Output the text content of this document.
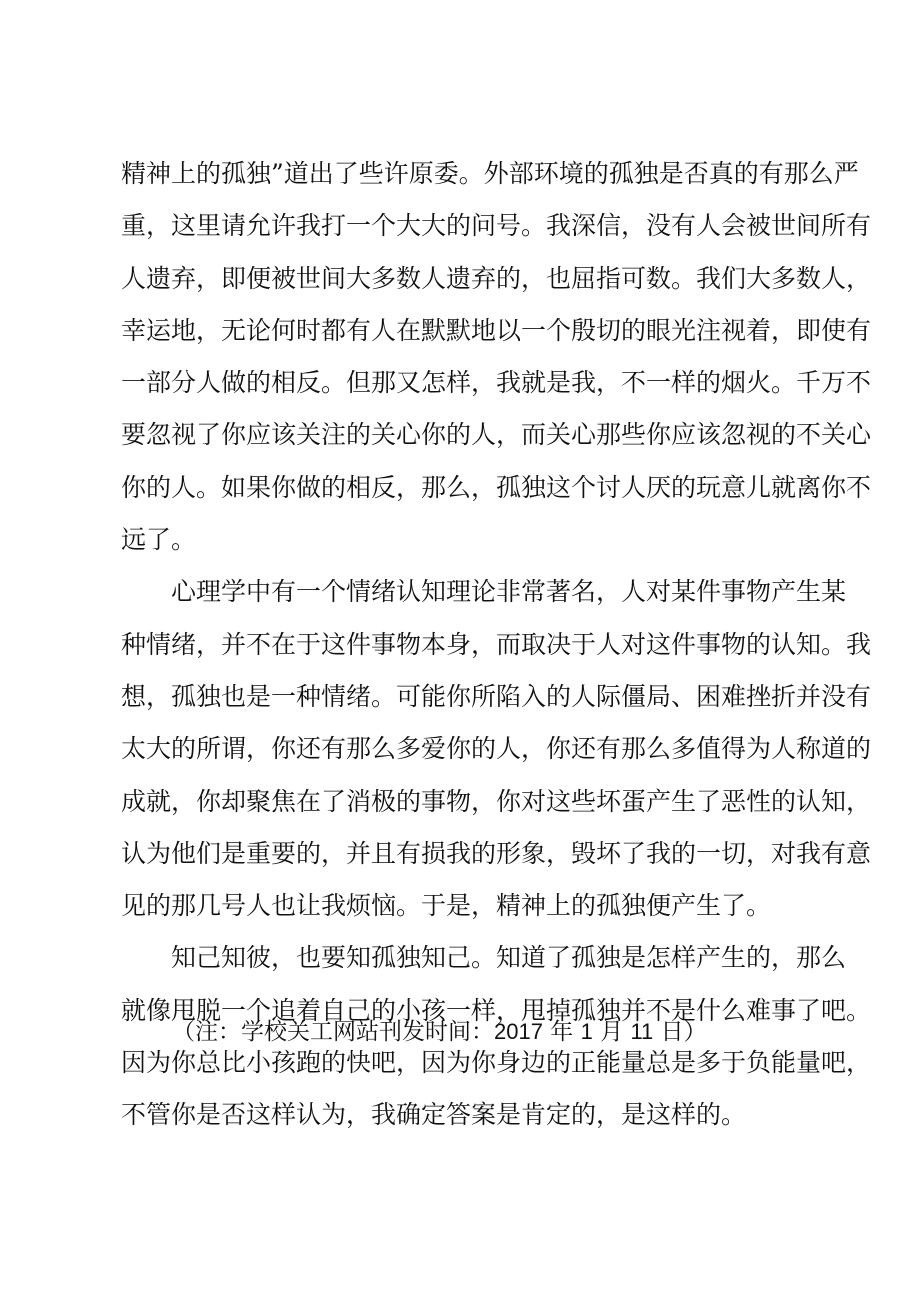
精神上的孤独”道出了些许原委。外部环境的孤独是否真的有那么严
重，这里请允许我打一个大大的问号。我深信，没有人会被世间所有
人遗弃，即便被世间大多数人遗弃的，也屈指可数。我们大多数人，
幸运地，无论何时都有人在默默地以一个殷切的眼光注视着，即使有
一部分人做的相反。但那又怎样，我就是我，不一样的烟火。千万不
要忽视了你应该关注的关心你的人，而关心那些你应该忽视的不关心
你的人。如果你做的相反，那么，孤独这个讨人厌的玩意儿就离你不
远了。
心理学中有一个情绪认知理论非常著名，人对某件事物产生某
种情绪，并不在于这件事物本身，而取决于人对这件事物的认知。我
想，孤独也是一种情绪。可能你所陷入的人际僵局、困难挫折并没有
太大的所谓，你还有那么多爱你的人，你还有那么多值得为人称道的
成就，你却聚焦在了消极的事物，你对这些坏蛋产生了恶性的认知，
认为他们是重要的，并且有损我的形象，毁坏了我的一切，对我有意
见的那几号人也让我烦恼。于是，精神上的孤独便产生了。
知己知彼，也要知孤独知己。知道了孤独是怎样产生的，那么
就像甩脱一个追着自己的小孩一样，甩掉孤独并不是什么难事了吧。
因为你总比小孩跑的快吧，因为你身边的正能量总是多于负能量吧，
不管你是否这样认为，我确定答案是肯定的，是这样的。
（注：学校关工网站刊发时间：2017 年 1 月 11 日）
